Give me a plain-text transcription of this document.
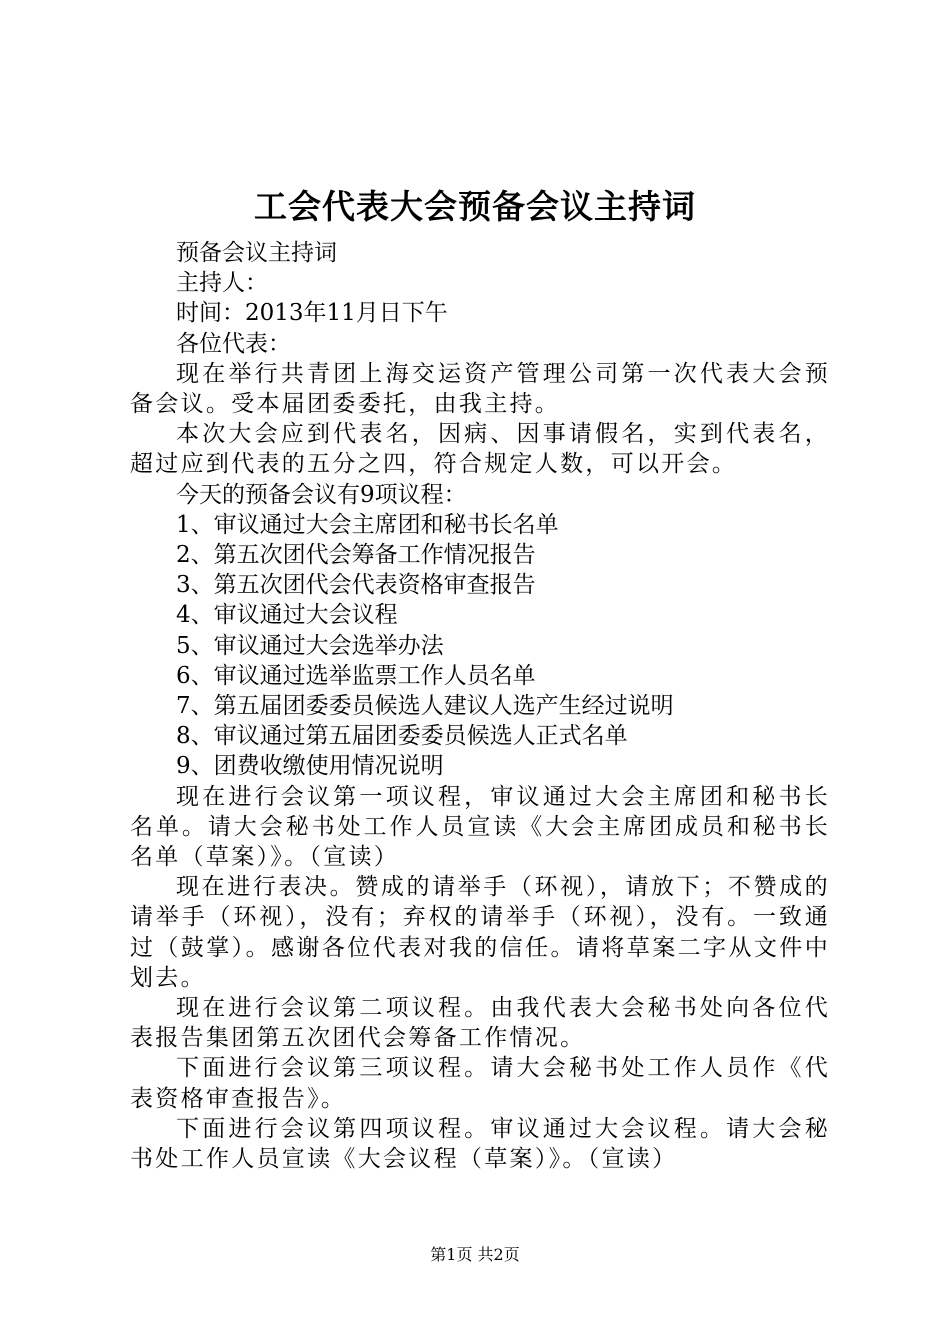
工会代表大会预备会议主持词

预备会议主持词

主持人：

时间：2013年11月日下午

各位代表：

现在举行共青团上海交运资产管理公司第一次代表大会预备会议。受本届团委委托，由我主持。

本次大会应到代表名，因病、因事请假名，实到代表名，超过应到代表的五分之四，符合规定人数，可以开会。

今天的预备会议有9项议程：

1、审议通过大会主席团和秘书长名单

2、第五次团代会筹备工作情况报告

3、第五次团代会代表资格审查报告

4、审议通过大会议程

5、审议通过大会选举办法

6、审议通过选举监票工作人员名单

7、第五届团委委员候选人建议人选产生经过说明

8、审议通过第五届团委委员候选人正式名单

9、团费收缴使用情况说明

现在进行会议第一项议程，审议通过大会主席团和秘书长名单。请大会秘书处工作人员宣读《大会主席团成员和秘书长名单（草案）》。（宣读）

现在进行表决。赞成的请举手（环视），请放下；不赞成的请举手（环视），没有；弃权的请举手（环视），没有。一致通过（鼓掌）。感谢各位代表对我的信任。请将草案二字从文件中划去。

现在进行会议第二项议程。由我代表大会秘书处向各位代表报告集团第五次团代会筹备工作情况。

下面进行会议第三项议程。请大会秘书处工作人员作《代表资格审查报告》。

下面进行会议第四项议程。审议通过大会议程。请大会秘书处工作人员宣读《大会议程（草案）》。（宣读）

第1页 共2页
